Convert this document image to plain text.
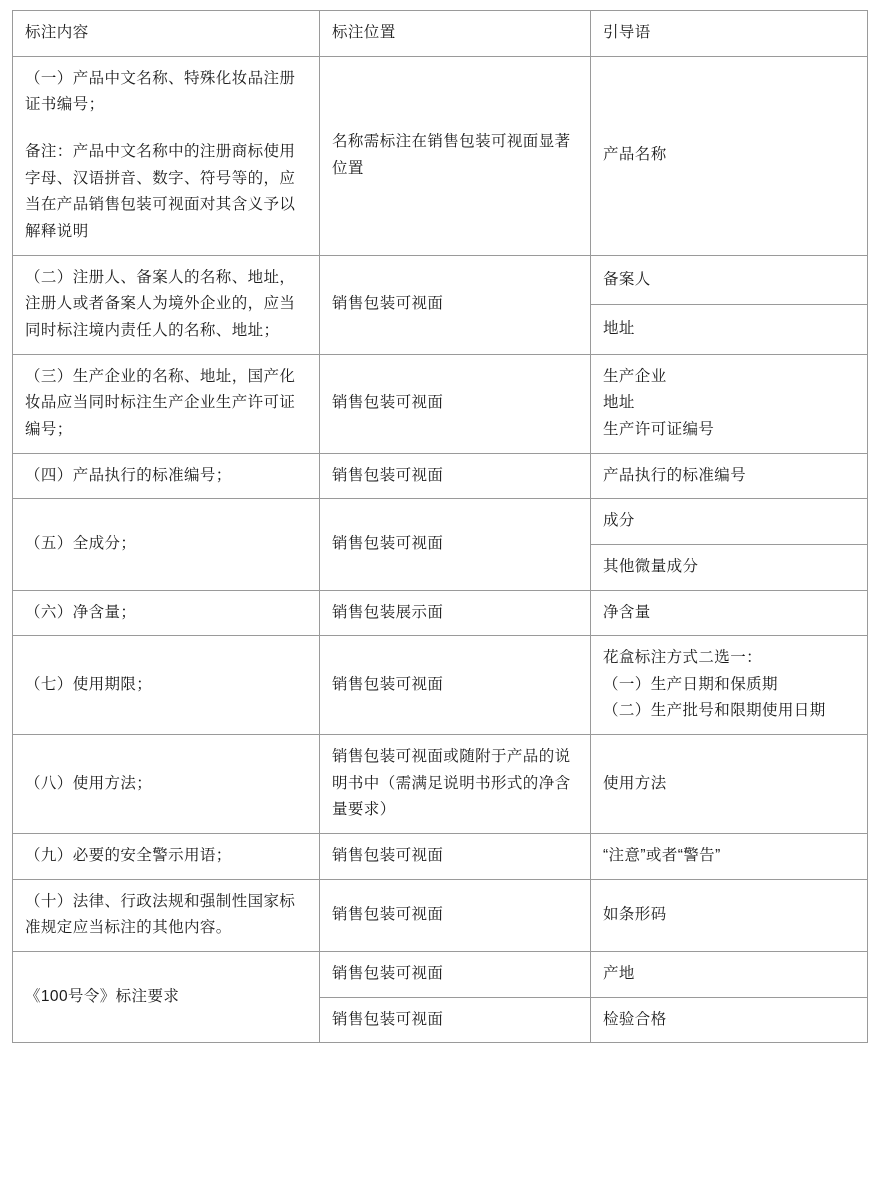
标注内容	标注位置	引导语

（一）产品中文名称、特殊化妆品注册证书编号；

备注：产品中文名称中的注册商标使用字母、汉语拼音、数字、符号等的，应当在产品销售包装可视面对其含义予以解释说明	名称需标注在销售包装可视面显著位置	产品名称
（二）注册人、备案人的名称、地址，注册人或者备案人为境外企业的，应当同时标注境内责任人的名称、地址；	销售包装可视面	备案人
		地址
（三）生产企业的名称、地址，国产化妆品应当同时标注生产企业生产许可证编号；	销售包装可视面	生产企业
地址
生产许可证编号

（四）产品执行的标准编号；	销售包装可视面	产品执行的标准编号
（五）全成分；	销售包装可视面	成分
		其他微量成分
（六）净含量；	销售包装展示面	净含量
（七）使用期限；	销售包装可视面	花盒标注方式二选一：
（一）生产日期和保质期
（二）生产批号和限期使用日期

（八）使用方法；	销售包装可视面或随附于产品的说明书中（需满足说明书形式的净含量要求）	使用方法
（九）必要的安全警示用语；	销售包装可视面	“注意”或者“警告”
（十）法律、行政法规和强制性国家标准规定应当标注的其他内容。	销售包装可视面	如条形码
《100号令》标注要求	销售包装可视面	产地
	销售包装可视面	检验合格
